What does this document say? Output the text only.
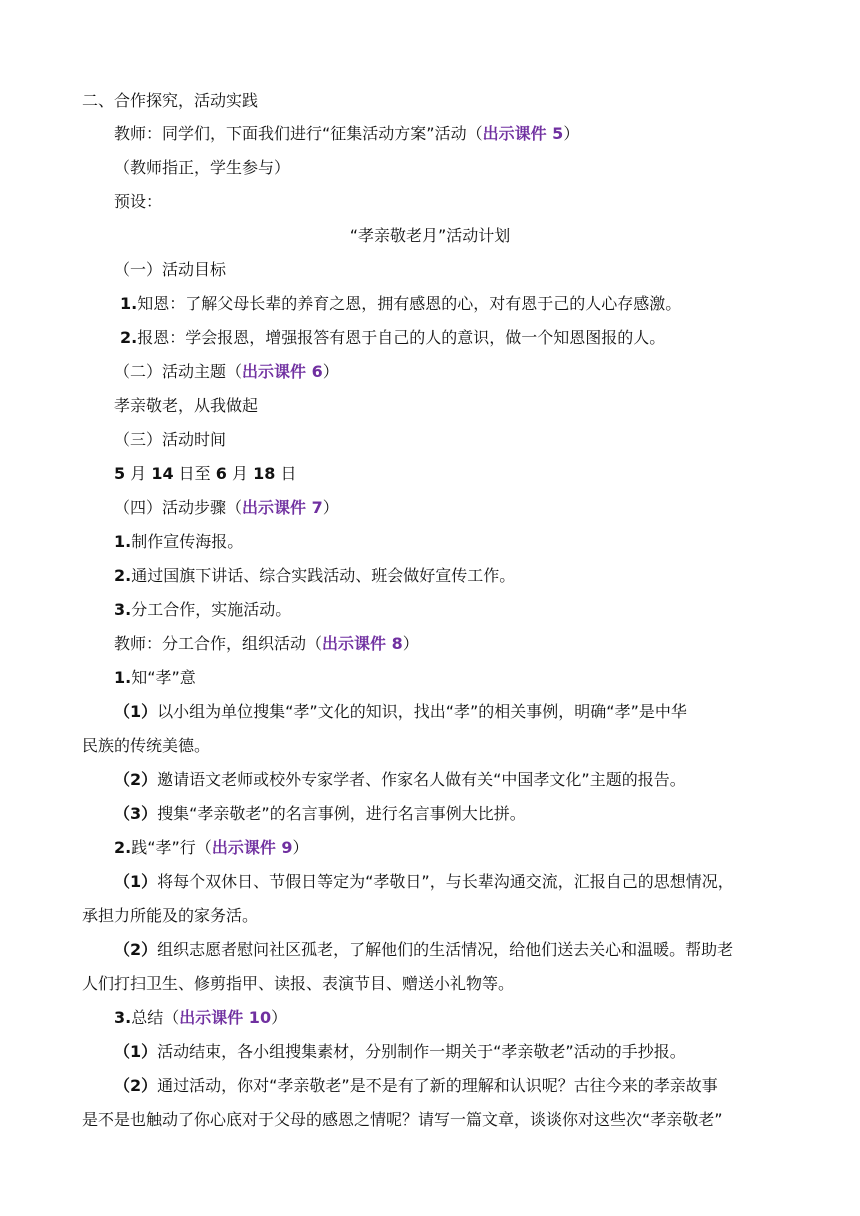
二、合作探究，活动实践

教师：同学们，下面我们进行“征集活动方案”活动（出示课件 5）

（教师指正，学生参与）

预设：

“孝亲敬老月”活动计划

（一）活动目标

1.知恩：了解父母长辈的养育之恩，拥有感恩的心，对有恩于己的人心存感激。

2.报恩：学会报恩，增强报答有恩于自己的人的意识，做一个知恩图报的人。

（二）活动主题（出示课件 6）

孝亲敬老，从我做起

（三）活动时间

5 月 14 日至 6 月 18 日

（四）活动步骤（出示课件 7）

1.制作宣传海报。

2.通过国旗下讲话、综合实践活动、班会做好宣传工作。

3.分工合作，实施活动。

教师：分工合作，组织活动（出示课件 8）

1.知“孝”意

（1）以小组为单位搜集“孝”文化的知识，找出“孝”的相关事例，明确“孝”是中华

民族的传统美德。

（2）邀请语文老师或校外专家学者、作家名人做有关“中国孝文化”主题的报告。

（3）搜集“孝亲敬老”的名言事例，进行名言事例大比拼。

2.践“孝”行（出示课件 9）

（1）将每个双休日、节假日等定为“孝敬日”，与长辈沟通交流，汇报自己的思想情况，

承担力所能及的家务活。

（2）组织志愿者慰问社区孤老，了解他们的生活情况，给他们送去关心和温暖。帮助老

人们打扫卫生、修剪指甲、读报、表演节目、赠送小礼物等。

3.总结（出示课件 10）

（1）活动结束，各小组搜集素材，分别制作一期关于“孝亲敬老”活动的手抄报。

（2）通过活动，你对“孝亲敬老”是不是有了新的理解和认识呢？古往今来的孝亲故事

是不是也触动了你心底对于父母的感恩之情呢？请写一篇文章，谈谈你对这些次“孝亲敬老”
